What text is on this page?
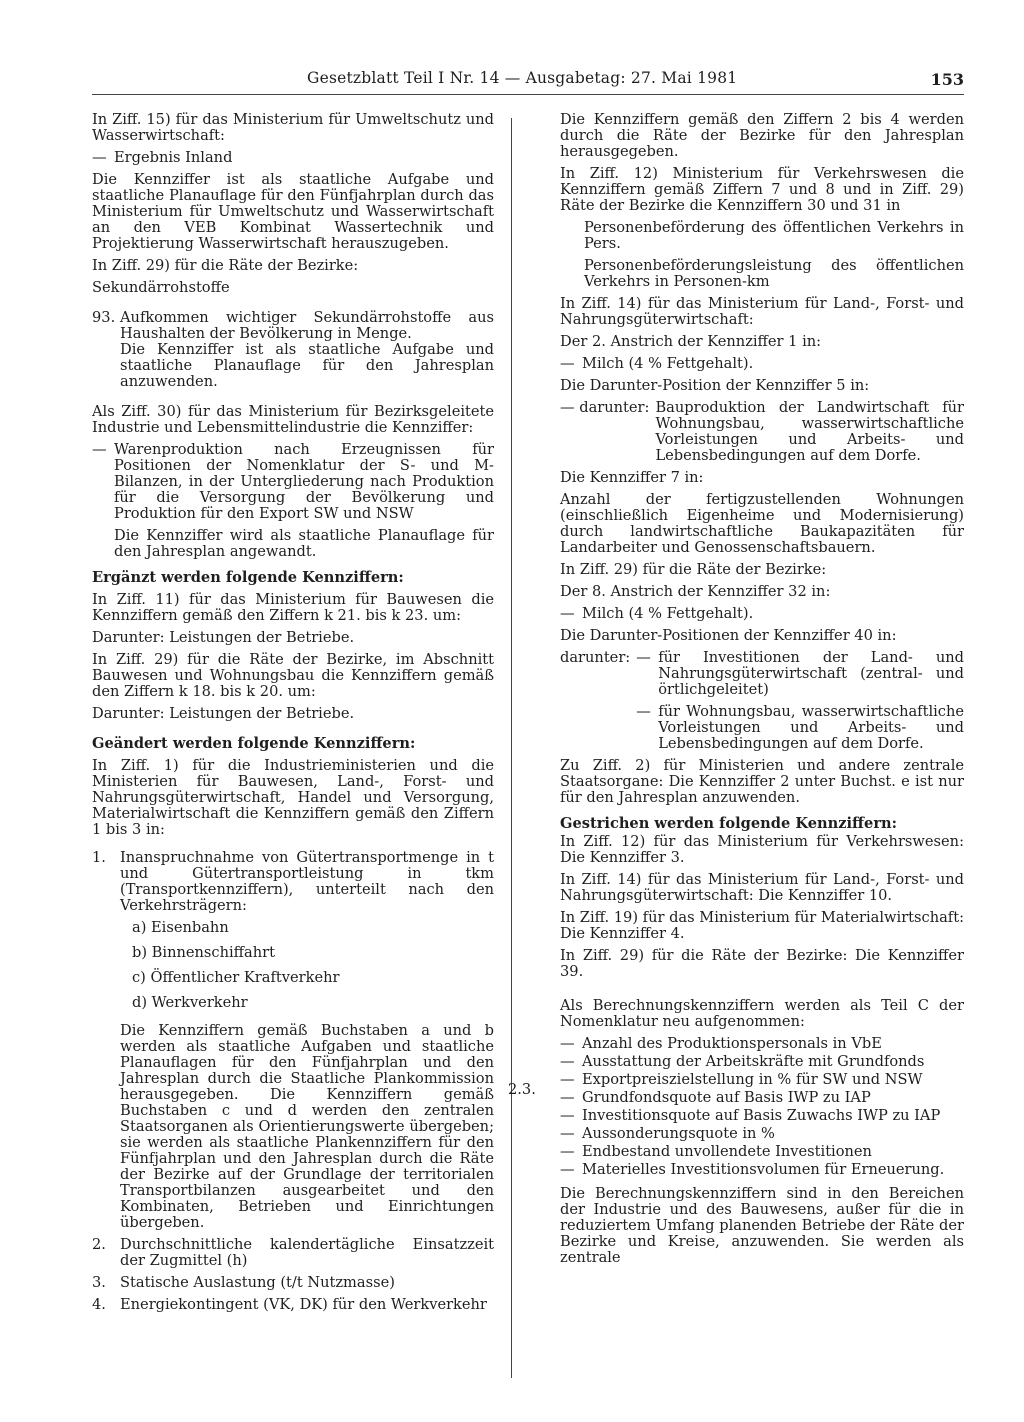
Gesetzblatt Teil I Nr. 14 — Ausgabetag: 27. Mai 1981	153

In Ziff. 15) für das Ministerium für Umweltschutz und Wasserwirtschaft:

— Ergebnis Inland

Die Kennziffer ist als staatliche Aufgabe und staatliche Planauflage für den Fünfjahrplan durch das Ministerium für Umweltschutz und Wasserwirtschaft an den VEB Kombinat Wassertechnik und Projektierung Wasserwirtschaft herauszugeben.

In Ziff. 29) für die Räte der Bezirke:

Sekundärrohstoffe

93. Aufkommen wichtiger Sekundärrohstoffe aus Haushalten der Bevölkerung in Menge.
Die Kennziffer ist als staatliche Aufgabe und staatliche Planauflage für den Jahresplan anzuwenden.

Als Ziff. 30) für das Ministerium für Bezirksgeleitete Industrie und Lebensmittelindustrie die Kennziffer:

— Warenproduktion nach Erzeugnissen für Positionen der Nomenklatur der S- und M-Bilanzen, in der Untergliederung nach Produktion für die Versorgung der Bevölkerung und Produktion für den Export SW und NSW

Die Kennziffer wird als staatliche Planauflage für den Jahresplan angewandt.

Ergänzt werden folgende Kennziffern:

In Ziff. 11) für das Ministerium für Bauwesen die Kennziffern gemäß den Ziffern k 21. bis k 23. um:

Darunter: Leistungen der Betriebe.

In Ziff. 29) für die Räte der Bezirke, im Abschnitt Bauwesen und Wohnungsbau die Kennziffern gemäß den Ziffern k 18. bis k 20. um:

Darunter: Leistungen der Betriebe.

Geändert werden folgende Kennziffern:

In Ziff. 1) für die Industrieministerien und die Ministerien für Bauwesen, Land-, Forst- und Nahrungsgüterwirtschaft, Handel und Versorgung, Materialwirtschaft die Kennziffern gemäß den Ziffern 1 bis 3 in:

1. Inanspruchnahme von Gütertransportmenge in t und Gütertransportleistung in tkm (Transportkennziffern), unterteilt nach den Verkehrsträgern:
a) Eisenbahn
b) Binnenschiffahrt
c) Öffentlicher Kraftverkehr
d) Werkverkehr

Die Kennziffern gemäß Buchstaben a und b werden als staatliche Aufgaben und staatliche Planauflagen für den Fünfjahrplan und den Jahresplan durch die Staatliche Plankommission herausgegeben. Die Kennziffern gemäß Buchstaben c und d werden den zentralen Staatsorganen als Orientierungswerte übergeben; sie werden als staatliche Plankennziffern für den Fünfjahrplan und den Jahresplan durch die Räte der Bezirke auf der Grundlage der territorialen Transportbilanzen ausgearbeitet und den Kombinaten, Betrieben und Einrichtungen übergeben.

2. Durchschnittliche kalendertägliche Einsatzzeit der Zugmittel (h)
3. Statische Auslastung (t/t Nutzmasse)
4. Energiekontingent (VK, DK) für den Werkverkehr

Die Kennziffern gemäß den Ziffern 2 bis 4 werden durch die Räte der Bezirke für den Jahresplan herausgegeben.

In Ziff. 12) Ministerium für Verkehrswesen die Kennziffern gemäß Ziffern 7 und 8 und in Ziff. 29) Räte der Bezirke die Kennziffern 30 und 31 in

Personenbeförderung des öffentlichen Verkehrs in Pers.

Personenbeförderungsleistung des öffentlichen Verkehrs in Personen-km

In Ziff. 14) für das Ministerium für Land-, Forst- und Nahrungsgüterwirtschaft:

Der 2. Anstrich der Kennziffer 1 in:

— Milch (4 % Fettgehalt).

Die Darunter-Position der Kennziffer 5 in:

— darunter: Bauproduktion der Landwirtschaft für Wohnungsbau, wasserwirtschaftliche Vorleistungen und Arbeits- und Lebensbedingungen auf dem Dorfe.

Die Kennziffer 7 in:

Anzahl der fertigzustellenden Wohnungen (einschließlich Eigenheime und Modernisierung) durch landwirtschaftliche Baukapazitäten für Landarbeiter und Genossenschaftsbauern.

In Ziff. 29) für die Räte der Bezirke:

Der 8. Anstrich der Kennziffer 32 in:

— Milch (4 % Fettgehalt).

Die Darunter-Positionen der Kennziffer 40 in:

darunter: — für Investitionen der Land- und Nahrungsgüterwirtschaft (zentral- und örtlichgeleitet)
— für Wohnungsbau, wasserwirtschaftliche Vorleistungen und Arbeits- und Lebensbedingungen auf dem Dorfe.

Zu Ziff. 2) für Ministerien und andere zentrale Staatsorgane: Die Kennziffer 2 unter Buchst. e ist nur für den Jahresplan anzuwenden.

Gestrichen werden folgende Kennziffern:

In Ziff. 12) für das Ministerium für Verkehrswesen: Die Kennziffer 3.

In Ziff. 14) für das Ministerium für Land-, Forst- und Nahrungsgüterwirtschaft: Die Kennziffer 10.

In Ziff. 19) für das Ministerium für Materialwirtschaft: Die Kennziffer 4.

In Ziff. 29) für die Räte der Bezirke: Die Kennziffer 39.

Als Berechnungskennziffern werden als Teil C der Nomenklatur neu aufgenommen:

— Anzahl des Produktionspersonals in VbE
— Ausstattung der Arbeitskräfte mit Grundfonds
— Exportpreiszielstellung in % für SW und NSW
— Grundfondsquote auf Basis IWP zu IAP
— Investitionsquote auf Basis Zuwachs IWP zu IAP
— Aussonderungsquote in %
— Endbestand unvollendete Investitionen
— Materielles Investitionsvolumen für Erneuerung.

Die Berechnungskennziffern sind in den Bereichen der Industrie und des Bauwesens, außer für die in reduziertem Umfang planenden Betriebe der Räte der Bezirke und Kreise, anzuwenden. Sie werden als zentrale

2.3.
